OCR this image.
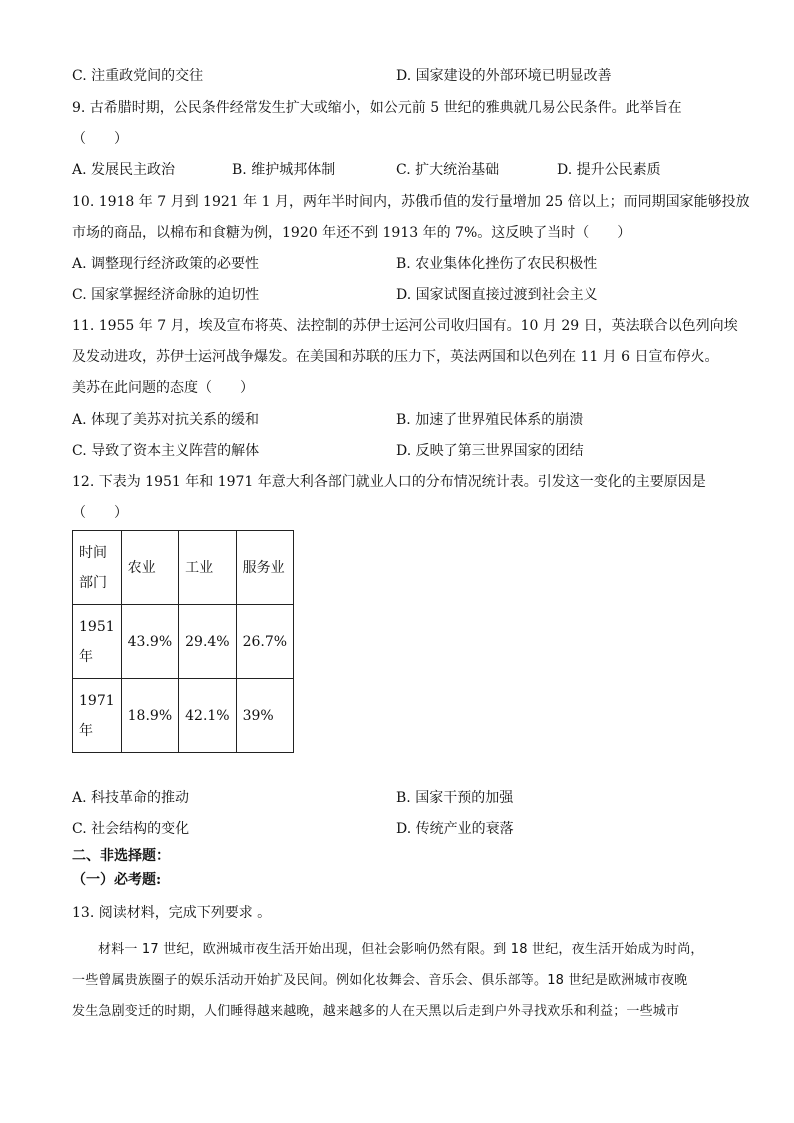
C. 注重政党间的交往	D. 国家建设的外部环境已明显改善
9. 古希腊时期，公民条件经常发生扩大或缩小，如公元前 5 世纪的雅典就几易公民条件。此举旨在
（　　）
A. 发展民主政治	B. 维护城邦体制	C. 扩大统治基础	D. 提升公民素质
10. 1918 年 7 月到 1921 年 1 月，两年半时间内，苏俄币值的发行量增加 25 倍以上；而同期国家能够投放
市场的商品，以棉布和食糖为例，1920 年还不到 1913 年的 7%。这反映了当时（　　）
A. 调整现行经济政策的必要性	B. 农业集体化挫伤了农民积极性
C. 国家掌握经济命脉的迫切性	D. 国家试图直接过渡到社会主义
11. 1955 年 7 月，埃及宣布将英、法控制的苏伊士运河公司收归国有。10 月 29 日，英法联合以色列向埃
及发动进攻，苏伊士运河战争爆发。在美国和苏联的压力下，英法两国和以色列在 11 月 6 日宣布停火。
美苏在此问题的态度（　　）
A. 体现了美苏对抗关系的缓和	B. 加速了世界殖民体系的崩溃
C. 导致了资本主义阵营的解体	D. 反映了第三世界国家的团结
12. 下表为 1951 年和 1971 年意大利各部门就业人口的分布情况统计表。引发这一变化的主要原因是
（　　）
时间
部门	农业	工业	服务业

1951
年	43.9%	29.4%	26.7%

1971
年	18.9%	42.1%	39%
A. 科技革命的推动	B. 国家干预的加强
C. 社会结构的变化	D. 传统产业的衰落
二、非选择题：
（一）必考题:
13. 阅读材料，完成下列要求 。
材料一 17 世纪，欧洲城市夜生活开始出现，但社会影响仍然有限。到 18 世纪，夜生活开始成为时尚，
一些曾属贵族圈子的娱乐活动开始扩及民间。例如化妆舞会、音乐会、俱乐部等。18 世纪是欧洲城市夜晚
发生急剧变迁的时期，人们睡得越来越晚，越来越多的人在天黑以后走到户外寻找欢乐和利益；一些城市
